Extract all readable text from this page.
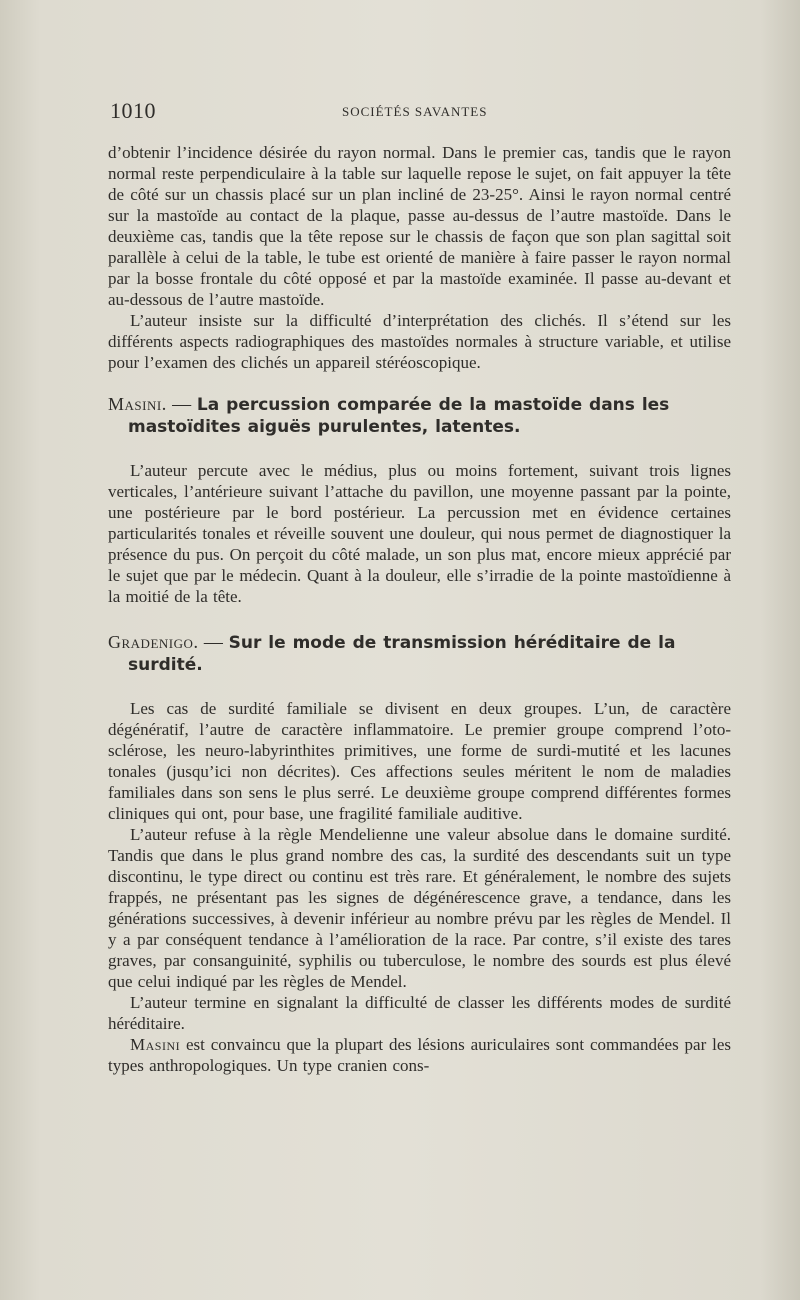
1010	SOCIÉTÉS SAVANTES

d’obtenir l’incidence désirée du rayon normal. Dans le premier cas, tandis que le rayon normal reste perpendiculaire à la table sur laquelle repose le sujet, on fait appuyer la tête de côté sur un chassis placé sur un plan incliné de 23-25°. Ainsi le rayon normal centré sur la mastoïde au contact de la plaque, passe au-dessus de l’autre mastoïde. Dans le deuxième cas, tandis que la tête repose sur le chassis de façon que son plan sagittal soit parallèle à celui de la table, le tube est orienté de manière à faire passer le rayon normal par la bosse frontale du côté opposé et par la mastoïde examinée. Il passe au-devant et au-dessous de l’autre mastoïde.

L’auteur insiste sur la difficulté d’interprétation des clichés. Il s’étend sur les différents aspects radiographiques des mastoïdes normales à structure variable, et utilise pour l’examen des clichés un appareil stéréoscopique.

Masini. — La percussion comparée de la mastoïde dans les mastoïdites aiguës purulentes, latentes.

L’auteur percute avec le médius, plus ou moins fortement, suivant trois lignes verticales, l’antérieure suivant l’attache du pavillon, une moyenne passant par la pointe, une postérieure par le bord postérieur. La percussion met en évidence certaines particularités tonales et réveille souvent une douleur, qui nous permet de diagnostiquer la présence du pus. On perçoit du côté malade, un son plus mat, encore mieux apprécié par le sujet que par le médecin. Quant à la douleur, elle s’irradie de la pointe mastoïdienne à la moitié de la tête.

Gradenigo. — Sur le mode de transmission héréditaire de la surdité.

Les cas de surdité familiale se divisent en deux groupes. L’un, de caractère dégénératif, l’autre de caractère inflammatoire. Le premier groupe comprend l’oto-sclérose, les neuro-labyrinthites primitives, une forme de surdi-mutité et les lacunes tonales (jusqu’ici non décrites). Ces affections seules méritent le nom de maladies familiales dans son sens le plus serré. Le deuxième groupe comprend différentes formes cliniques qui ont, pour base, une fragilité familiale auditive.

L’auteur refuse à la règle Mendelienne une valeur absolue dans le domaine surdité. Tandis que dans le plus grand nombre des cas, la surdité des descendants suit un type discontinu, le type direct ou continu est très rare. Et généralement, le nombre des sujets frappés, ne présentant pas les signes de dégénérescence grave, a tendance, dans les générations successives, à devenir inférieur au nombre prévu par les règles de Mendel. Il y a par conséquent tendance à l’amélioration de la race. Par contre, s’il existe des tares graves, par consanguinité, syphilis ou tuberculose, le nombre des sourds est plus élevé que celui indiqué par les règles de Mendel.

L’auteur termine en signalant la difficulté de classer les différents modes de surdité héréditaire.

Masini est convaincu que la plupart des lésions auriculaires sont commandées par les types anthropologiques. Un type cranien cons-
